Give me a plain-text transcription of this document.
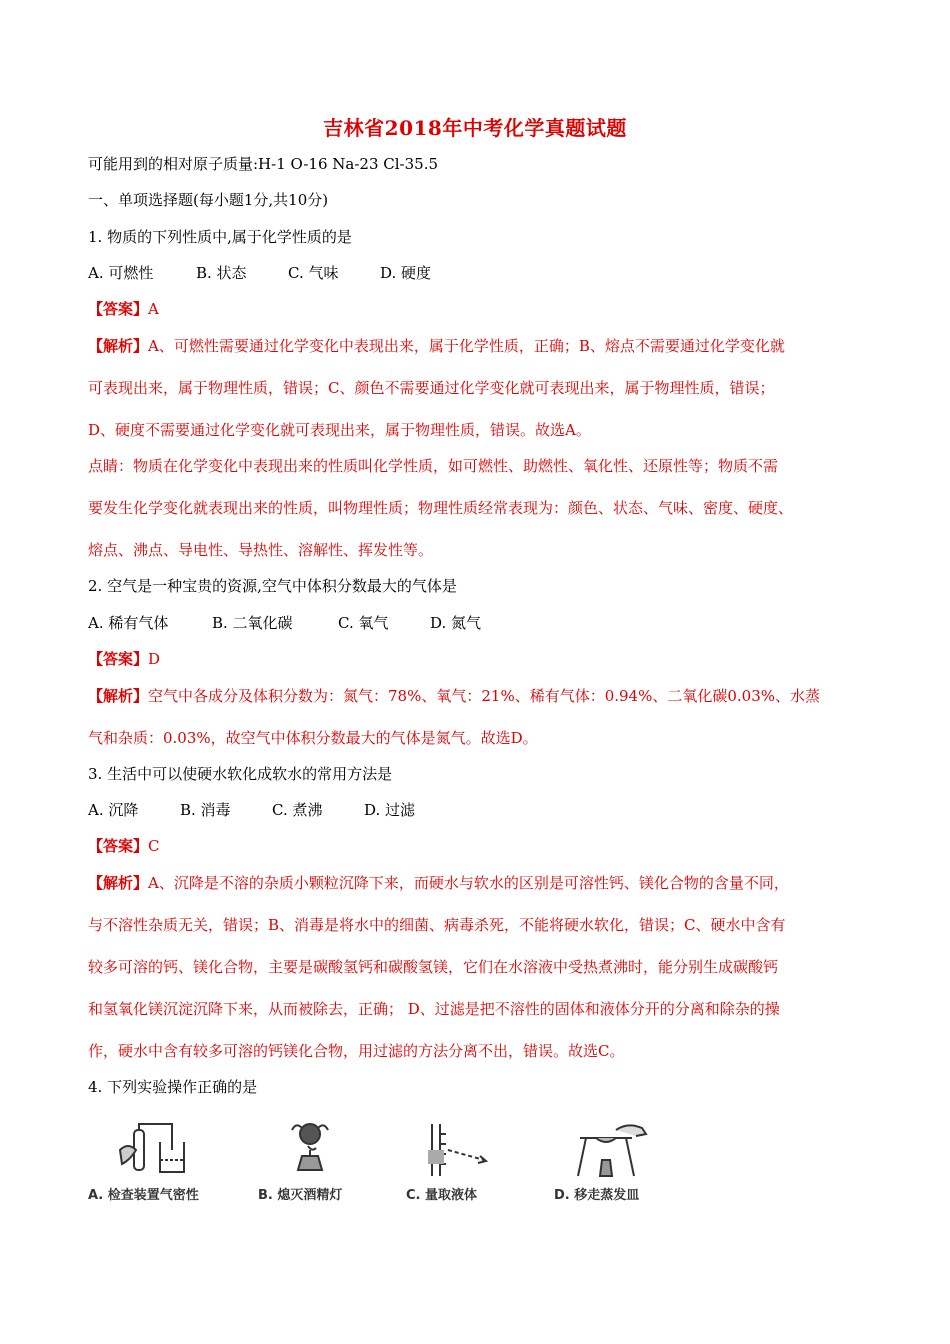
吉林省2018年中考化学真题试题
可能用到的相对原子质量:H-1 O-16 Na-23 Cl-35.5
一、单项选择题(每小题1分,共10分)
1. 物质的下列性质中,属于化学性质的是
A. 可燃性	B. 状态	C. 气味	D. 硬度
【答案】A
【解析】A、可燃性需要通过化学变化中表现出来，属于化学性质，正确；B、熔点不需要通过化学变化就
可表现出来，属于物理性质，错误；C、颜色不需要通过化学变化就可表现出来，属于物理性质，错误；
D、硬度不需要通过化学变化就可表现出来，属于物理性质，错误。故选A。
点睛：物质在化学变化中表现出来的性质叫化学性质，如可燃性、助燃性、氧化性、还原性等；物质不需
要发生化学变化就表现出来的性质，叫物理性质；物理性质经常表现为：颜色、状态、气味、密度、硬度、
熔点、沸点、导电性、导热性、溶解性、挥发性等。
2. 空气是一种宝贵的资源,空气中体积分数最大的气体是
A. 稀有气体	B. 二氧化碳	C. 氧气	D. 氮气
【答案】D
【解析】空气中各成分及体积分数为：氮气：78%、氧气：21%、稀有气体：0.94%、二氧化碳0.03%、水蒸
气和杂质：0.03%，故空气中体积分数最大的气体是氮气。故选D。
3. 生活中可以使硬水软化成软水的常用方法是
A. 沉降	B. 消毒	C. 煮沸	D. 过滤
【答案】C
【解析】A、沉降是不溶的杂质小颗粒沉降下来，而硬水与软水的区别是可溶性钙、镁化合物的含量不同，
与不溶性杂质无关，错误；B、消毒是将水中的细菌、病毒杀死，不能将硬水软化，错误；C、硬水中含有
较多可溶的钙、镁化合物，主要是碳酸氢钙和碳酸氢镁，它们在水溶液中受热煮沸时，能分别生成碳酸钙
和氢氧化镁沉淀沉降下来，从而被除去，正确； D、过滤是把不溶性的固体和液体分开的分离和除杂的操
作，硬水中含有较多可溶的钙镁化合物，用过滤的方法分离不出，错误。故选C。
4. 下列实验操作正确的是
A. 检查装置气密性	B. 熄灭酒精灯	C. 量取液体	D. 移走蒸发皿
